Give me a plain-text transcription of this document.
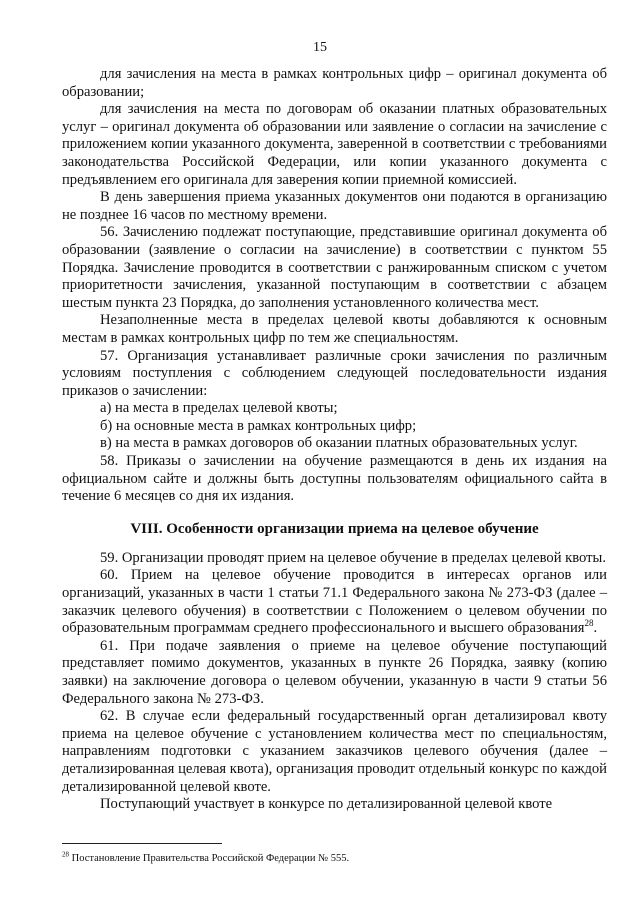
15

для зачисления на места в рамках контрольных цифр – оригинал документа об образовании;

для зачисления на места по договорам об оказании платных образовательных услуг – оригинал документа об образовании или заявление о согласии на зачисление с приложением копии указанного документа, заверенной в соответствии с требованиями законодательства Российской Федерации, или копии указанного документа с предъявлением его оригинала для заверения копии приемной комиссией.

В день завершения приема указанных документов они подаются в организацию не позднее 16 часов по местному времени.

56. Зачислению подлежат поступающие, представившие оригинал документа об образовании (заявление о согласии на зачисление) в соответствии с пунктом 55 Порядка. Зачисление проводится в соответствии с ранжированным списком с учетом приоритетности зачисления, указанной поступающим в соответствии с абзацем шестым пункта 23 Порядка, до заполнения установленного количества мест.

Незаполненные места в пределах целевой квоты добавляются к основным местам в рамках контрольных цифр по тем же специальностям.

57. Организация устанавливает различные сроки зачисления по различным условиям поступления с соблюдением следующей последовательности издания приказов о зачислении:

а) на места в пределах целевой квоты;

б) на основные места в рамках контрольных цифр;

в) на места в рамках договоров об оказании платных образовательных услуг.

58. Приказы о зачислении на обучение размещаются в день их издания на официальном сайте и должны быть доступны пользователям официального сайта в течение 6 месяцев со дня их издания.

VIII. Особенности организации приема на целевое обучение

59. Организации проводят прием на целевое обучение в пределах целевой квоты.

60. Прием на целевое обучение проводится в интересах органов или организаций, указанных в части 1 статьи 71.1 Федерального закона № 273-ФЗ (далее – заказчик целевого обучения) в соответствии с Положением о целевом обучении по образовательным программам среднего профессионального и высшего образования$^{28}$.

61. При подаче заявления о приеме на целевое обучение поступающий представляет помимо документов, указанных в пункте 26 Порядка, заявку (копию заявки) на заключение договора о целевом обучении, указанную в части 9 статьи 56 Федерального закона № 273-ФЗ.

62. В случае если федеральный государственный орган детализировал квоту приема на целевое обучение с установлением количества мест по специальностям, направлениям подготовки с указанием заказчиков целевого обучения (далее – детализированная целевая квота), организация проводит отдельный конкурс по каждой детализированной целевой квоте.

Поступающий участвует в конкурсе по детализированной целевой квоте

$^{28}$ Постановление Правительства Российской Федерации № 555.
